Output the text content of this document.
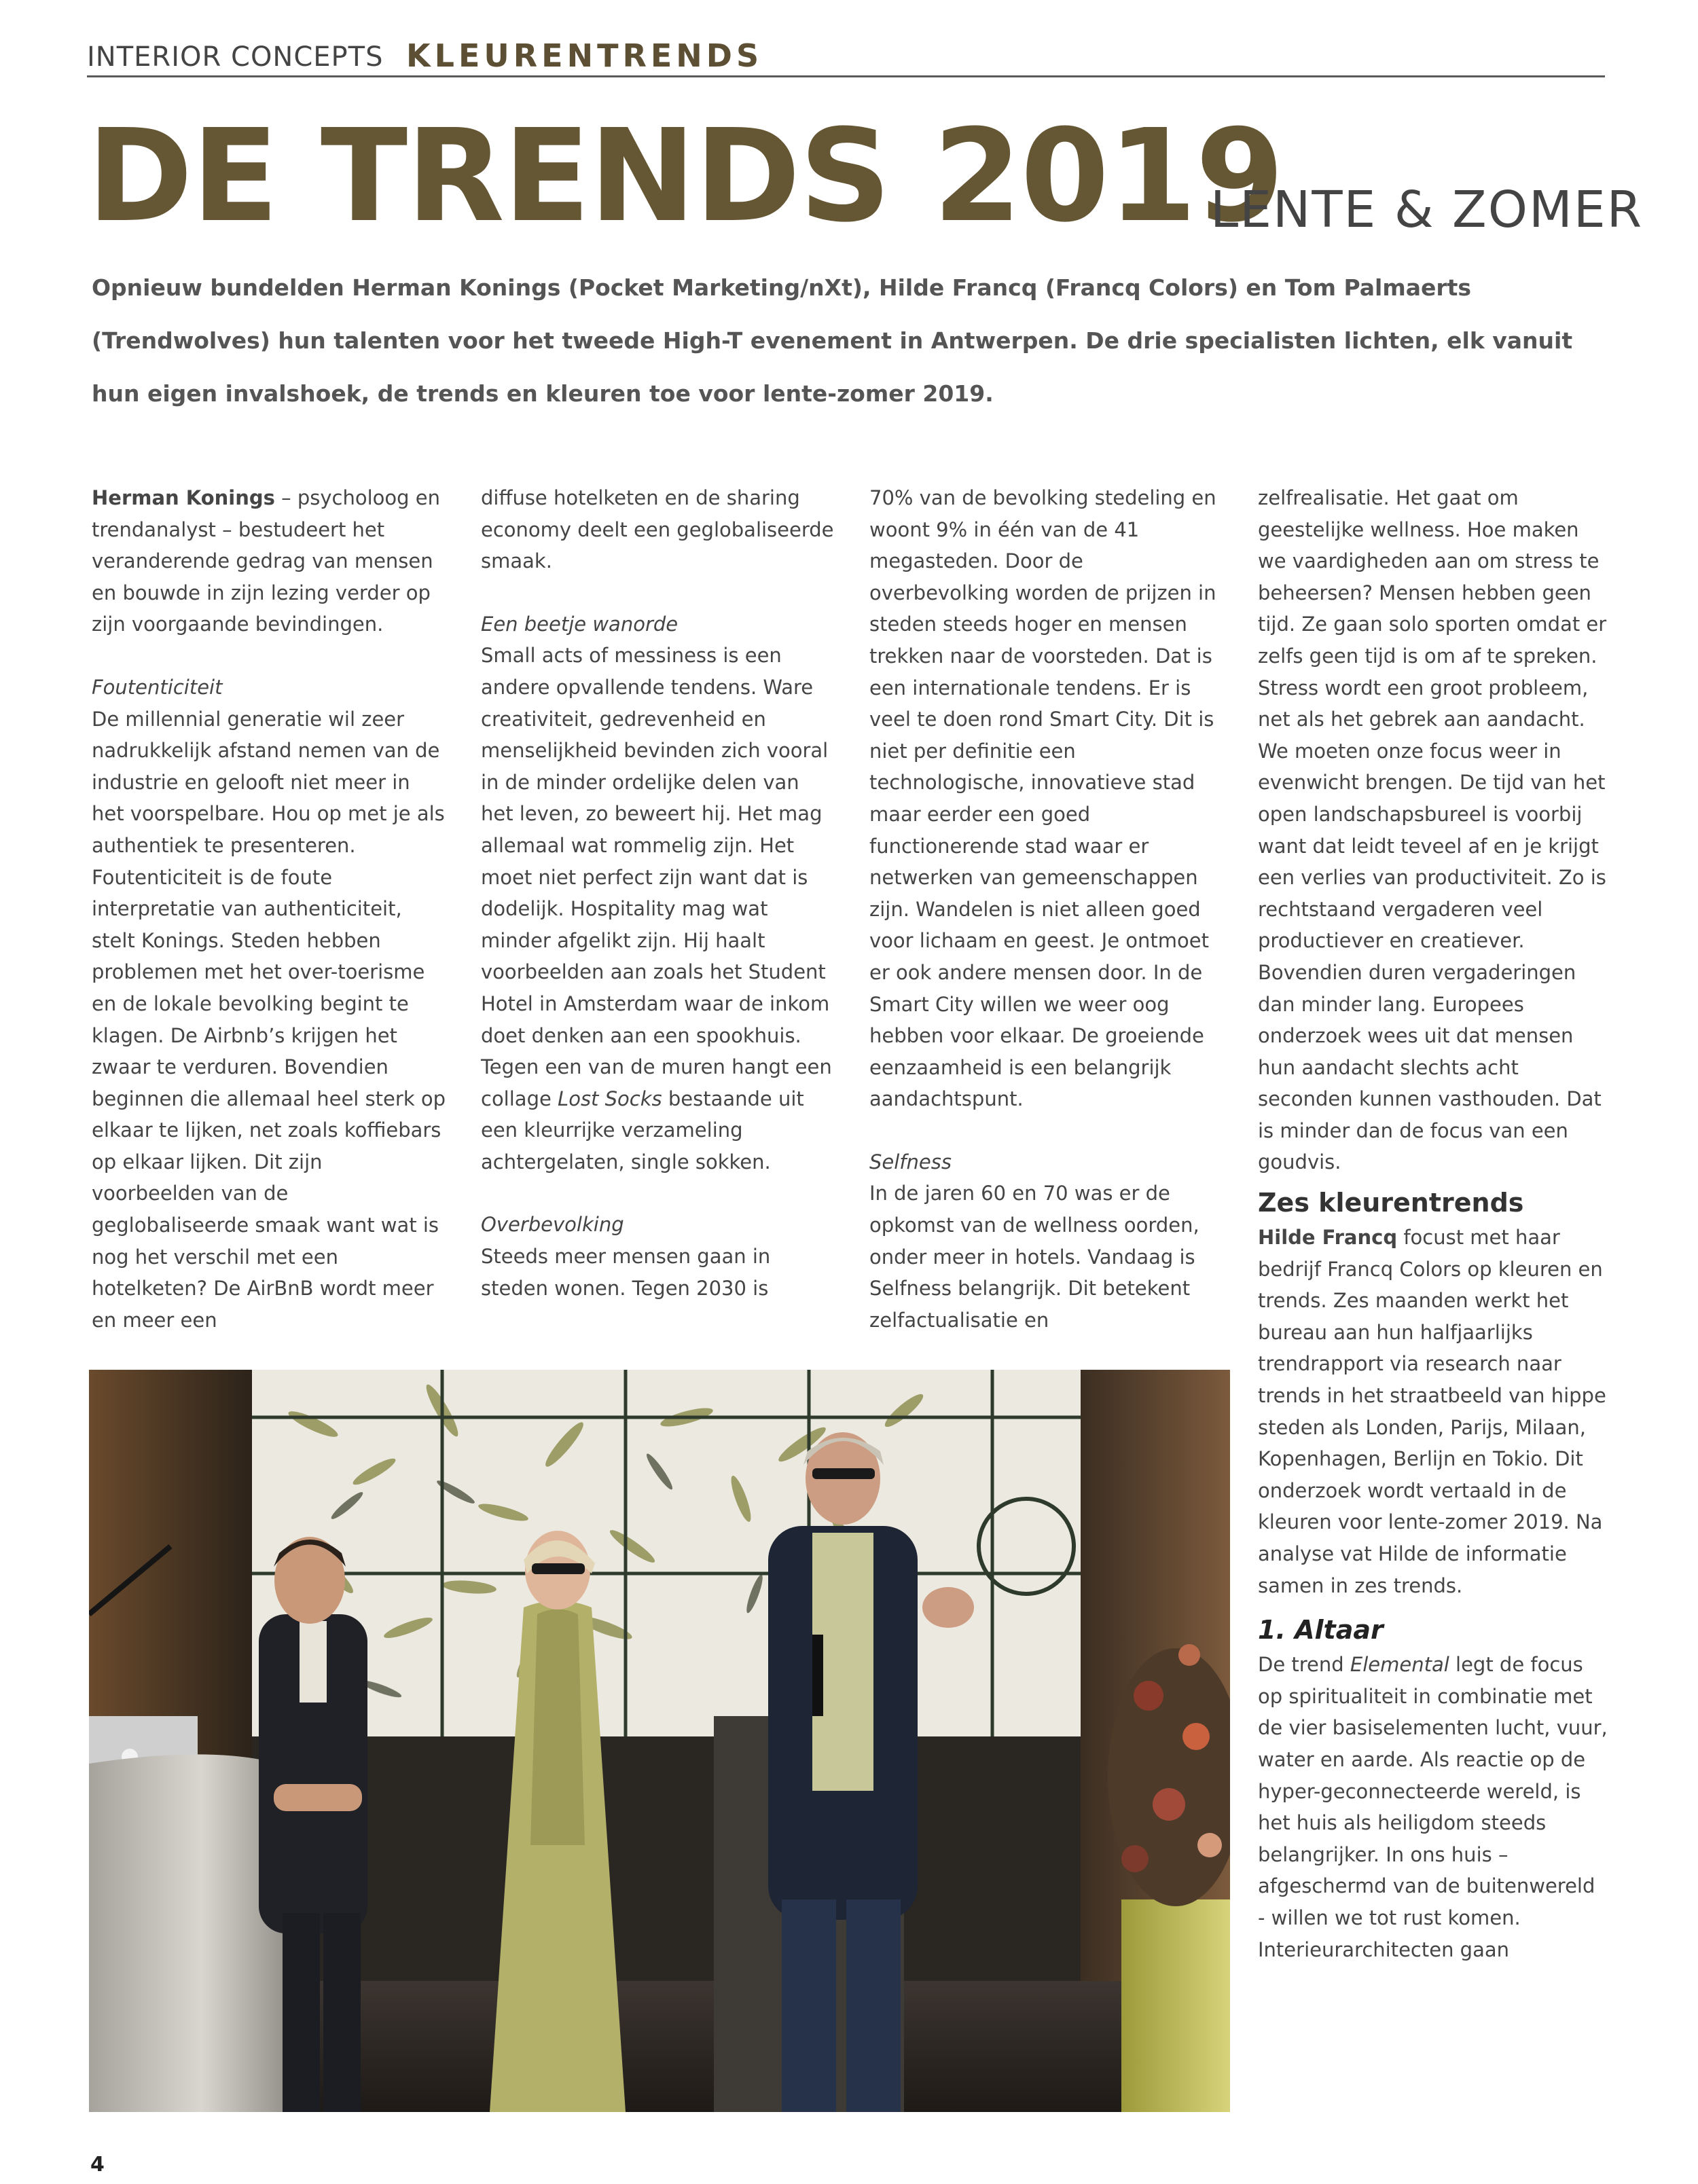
INTERIOR CONCEPTS KLEURENTRENDS
DE TRENDS 2019
LENTE & ZOMER

Opnieuw bundelden Herman Konings (Pocket Marketing/nXt), Hilde Francq (Francq Colors) en Tom Palmaerts (Trendwolves) hun talenten voor het tweede High-T evenement in Antwerpen. De drie specialisten lichten, elk vanuit hun eigen invalshoek, de trends en kleuren toe voor lente-zomer 2019.

Herman Konings – psycholoog en trendanalyst – bestudeert het veranderende gedrag van mensen en bouwde in zijn lezing verder op zijn voorgaande bevindingen.

Foutenticiteit

De millennial generatie wil zeer nadrukkelijk afstand nemen van de industrie en gelooft niet meer in het voorspelbare. Hou op met je als authentiek te presenteren. Foutenticiteit is de foute interpretatie van authenticiteit, stelt Konings. Steden hebben problemen met het over-toerisme en de lokale bevolking begint te klagen. De Airbnb’s krijgen het zwaar te verduren. Bovendien beginnen die allemaal heel sterk op elkaar te lijken, net zoals koffiebars op elkaar lijken. Dit zijn voorbeelden van de geglobaliseerde smaak want wat is nog het verschil met een hotelketen? De AirBnB wordt meer en meer een

diffuse hotelketen en de sharing economy deelt een geglobaliseerde smaak.

Een beetje wanorde

Small acts of messiness is een andere opvallende tendens. Ware creativiteit, gedrevenheid en menselijkheid bevinden zich vooral in de minder ordelijke delen van het leven, zo beweert hij. Het mag allemaal wat rommelig zijn. Het moet niet perfect zijn want dat is dodelijk. Hospitality mag wat minder afgelikt zijn. Hij haalt voorbeelden aan zoals het Student Hotel in Amsterdam waar de inkom doet denken aan een spookhuis. Tegen een van de muren hangt een collage Lost Socks bestaande uit een kleurrijke verzameling achtergelaten, single sokken.

Overbevolking

Steeds meer mensen gaan in steden wonen. Tegen 2030 is

70% van de bevolking stedeling en woont 9% in één van de 41 megasteden. Door de overbevolking worden de prijzen in steden steeds hoger en mensen trekken naar de voorsteden. Dat is een internationale tendens. Er is veel te doen rond Smart City. Dit is niet per definitie een technologische, innovatieve stad maar eerder een goed functionerende stad waar er netwerken van gemeenschappen zijn. Wandelen is niet alleen goed voor lichaam en geest. Je ontmoet er ook andere mensen door. In de Smart City willen we weer oog hebben voor elkaar. De groeiende eenzaamheid is een belangrijk aandachtspunt.

Selfness

In de jaren 60 en 70 was er de opkomst van de wellness oorden, onder meer in hotels. Vandaag is Selfness belangrijk. Dit betekent zelfactualisatie en

zelfrealisatie. Het gaat om geestelijke wellness. Hoe maken we vaardigheden aan om stress te beheersen? Mensen hebben geen tijd. Ze gaan solo sporten omdat er zelfs geen tijd is om af te spreken. Stress wordt een groot probleem, net als het gebrek aan aandacht. We moeten onze focus weer in evenwicht brengen. De tijd van het open landschapsbureel is voorbij want dat leidt teveel af en je krijgt een verlies van productiviteit. Zo is rechtstaand vergaderen veel productiever en creatiever. Bovendien duren vergaderingen dan minder lang. Europees onderzoek wees uit dat mensen hun aandacht slechts acht seconden kunnen vasthouden. Dat is minder dan de focus van een goudvis.

Zes kleurentrends

Hilde Francq focust met haar bedrijf Francq Colors op kleuren en trends. Zes maanden werkt het bureau aan hun halfjaarlijks trendrapport via research naar trends in het straatbeeld van hippe steden als Londen, Parijs, Milaan, Kopenhagen, Berlijn en Tokio. Dit onderzoek wordt vertaald in de kleuren voor lente-zomer 2019. Na analyse vat Hilde de informatie samen in zes trends.

1. Altaar

De trend Elemental legt de focus op spiritualiteit in combinatie met de vier basiselementen lucht, vuur, water en aarde. Als reactie op de hyper-geconnecteerde wereld, is het huis als heiligdom steeds belangrijker. In ons huis – afgeschermd van de buitenwereld - willen we tot rust komen. Interieurarchitecten gaan

4
